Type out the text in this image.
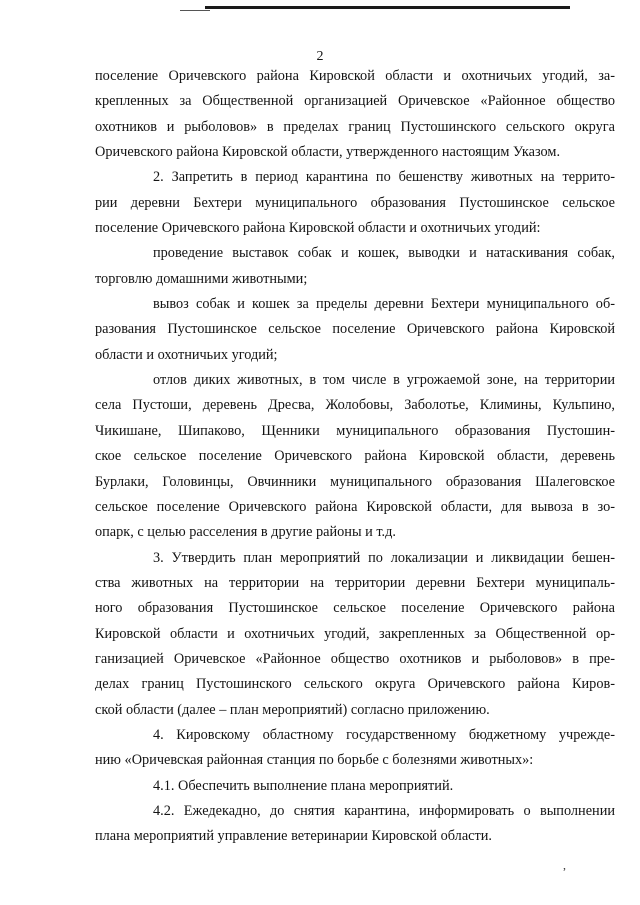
2
поселение Оричевского района Кировской области и охотничьих угодий, за-
крепленных за Общественной организацией Оричевское «Районное общество
охотников и рыболовов» в пределах границ Пустошинского сельского округа
Оричевского района Кировской области, утвержденного настоящим Указом.
2. Запретить в период карантина по бешенству животных на террито-
рии деревни Бехтери муниципального образования Пустошинское сельское
поселение Оричевского района Кировской области и охотничьих угодий:
проведение выставок собак и кошек, выводки и натаскивания собак,
торговлю домашними животными;
вывоз собак и кошек за пределы деревни Бехтери муниципального об-
разования Пустошинское сельское поселение Оричевского района Кировской
области и охотничьих угодий;
отлов диких животных, в том числе в угрожаемой зоне, на территории
села Пустоши, деревень Дресва, Жолобовы, Заболотье, Климины, Кульпино,
Чикишане, Шипаково, Щенники муниципального образования Пустошин-
ское сельское поселение Оричевского района Кировской области, деревень
Бурлаки, Головинцы, Овчинники муниципального образования Шалеговское
сельское поселение Оричевского района Кировской области, для вывоза в зо-
опарк, с целью расселения в другие районы и т.д.
3. Утвердить план мероприятий по локализации и ликвидации бешен-
ства животных на территории на территории деревни Бехтери муниципаль-
ного образования Пустошинское сельское поселение Оричевского района
Кировской области и охотничьих угодий, закрепленных за Общественной ор-
ганизацией Оричевское «Районное общество охотников и рыболовов» в пре-
делах границ Пустошинского сельского округа Оричевского района Киров-
ской области (далее – план мероприятий) согласно приложению.
4. Кировскому областному государственному бюджетному учрежде-
нию «Оричевская районная станция по борьбе с болезнями животных»:
4.1. Обеспечить выполнение плана мероприятий.
4.2. Ежедекадно, до снятия карантина, информировать о выполнении
плана мероприятий управление ветеринарии Кировской области.
,
